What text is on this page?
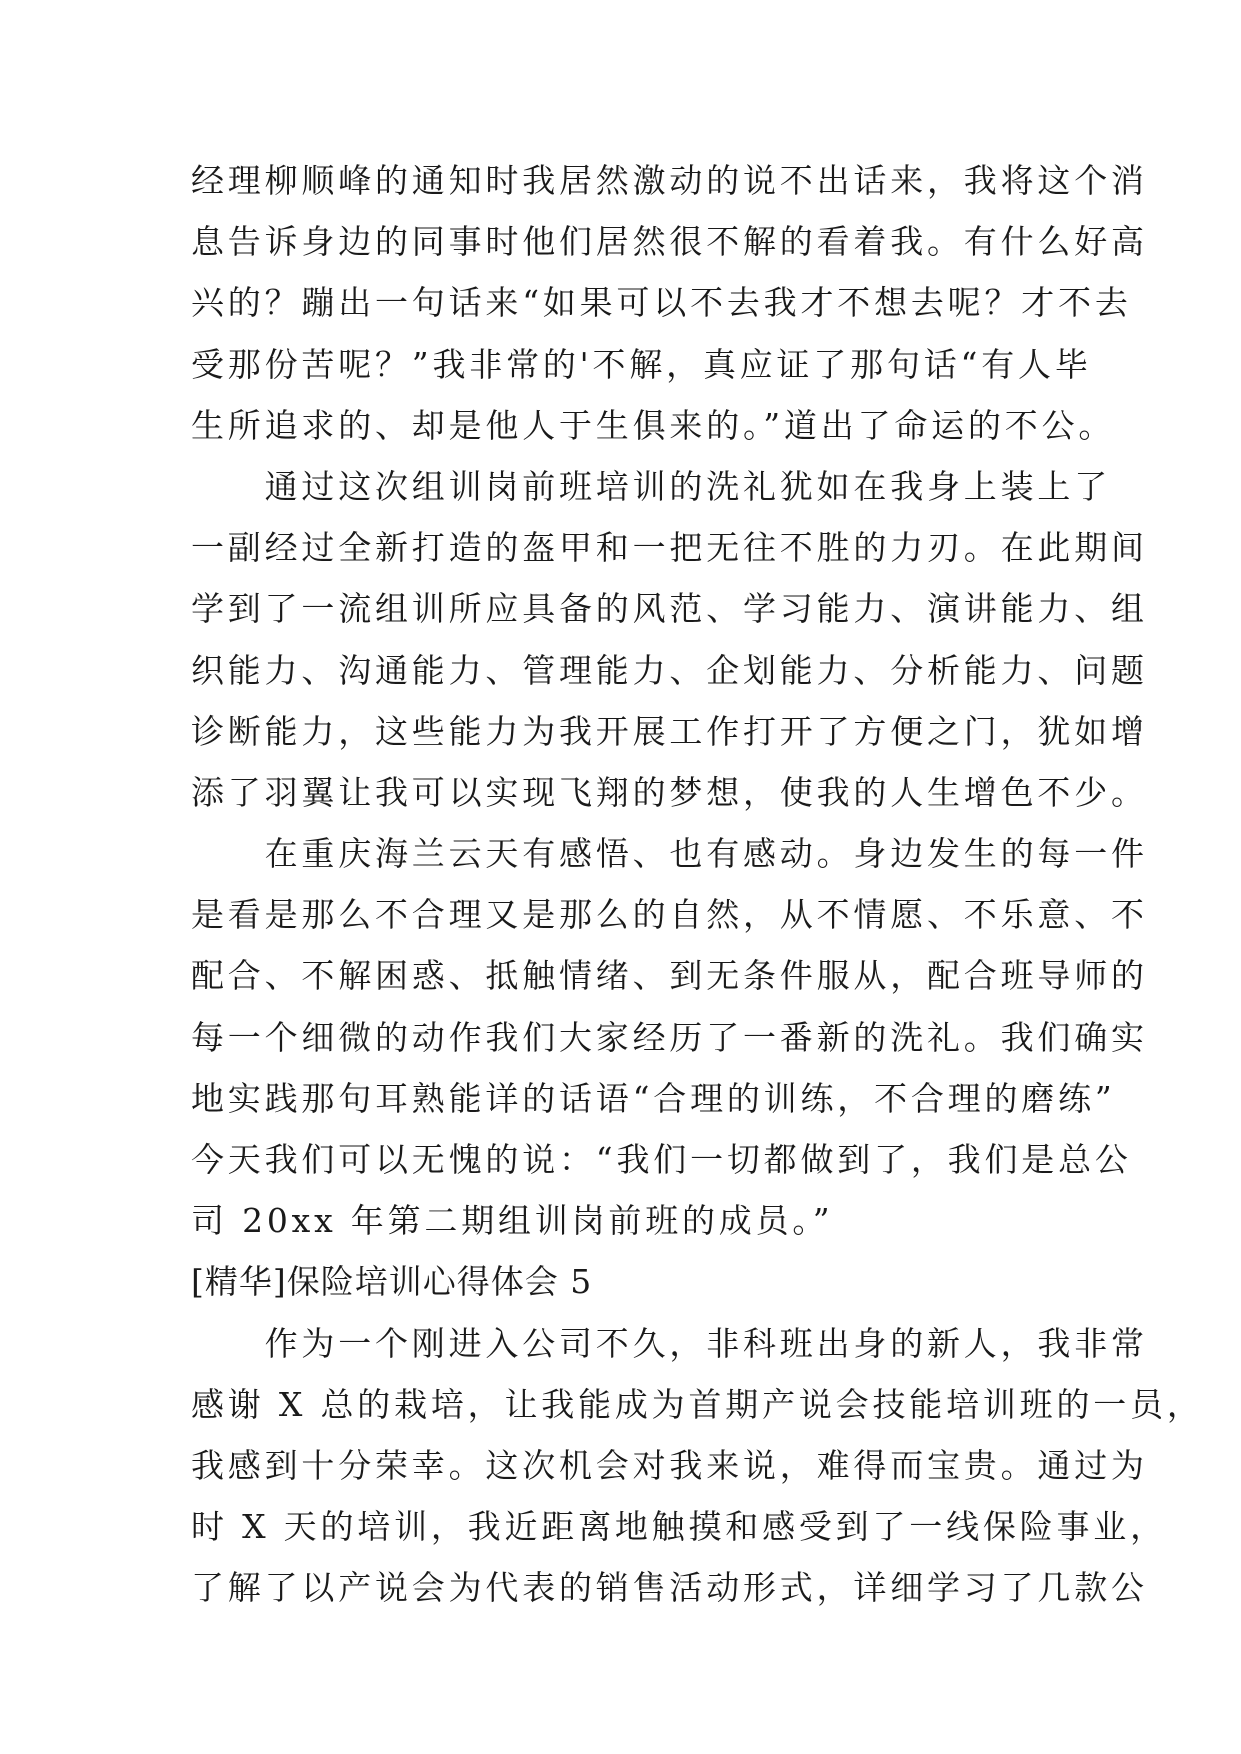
经理柳顺峰的通知时我居然激动的说不出话来，我将这个消
息告诉身边的同事时他们居然很不解的看着我。有什么好高
兴的？蹦出一句话来“如果可以不去我才不想去呢？才不去
受那份苦呢？”我非常的'不解，真应证了那句话“有人毕
生所追求的、却是他人于生俱来的。”道出了命运的不公。
　　通过这次组训岗前班培训的洗礼犹如在我身上装上了
一副经过全新打造的盔甲和一把无往不胜的力刃。在此期间
学到了一流组训所应具备的风范、学习能力、演讲能力、组
织能力、沟通能力、管理能力、企划能力、分析能力、问题
诊断能力，这些能力为我开展工作打开了方便之门，犹如增
添了羽翼让我可以实现飞翔的梦想，使我的人生增色不少。
　　在重庆海兰云天有感悟、也有感动。身边发生的每一件
是看是那么不合理又是那么的自然，从不情愿、不乐意、不
配合、不解困惑、抵触情绪、到无条件服从，配合班导师的
每一个细微的动作我们大家经历了一番新的洗礼。我们确实
地实践那句耳熟能详的话语“合理的训练，不合理的磨练”
今天我们可以无愧的说：“我们一切都做到了，我们是总公
司 20xx 年第二期组训岗前班的成员。”
[精华]保险培训心得体会 5
　　作为一个刚进入公司不久，非科班出身的新人，我非常
感谢 X 总的栽培，让我能成为首期产说会技能培训班的一员，
我感到十分荣幸。这次机会对我来说，难得而宝贵。通过为
时 X 天的培训，我近距离地触摸和感受到了一线保险事业，
了解了以产说会为代表的销售活动形式，详细学习了几款公
